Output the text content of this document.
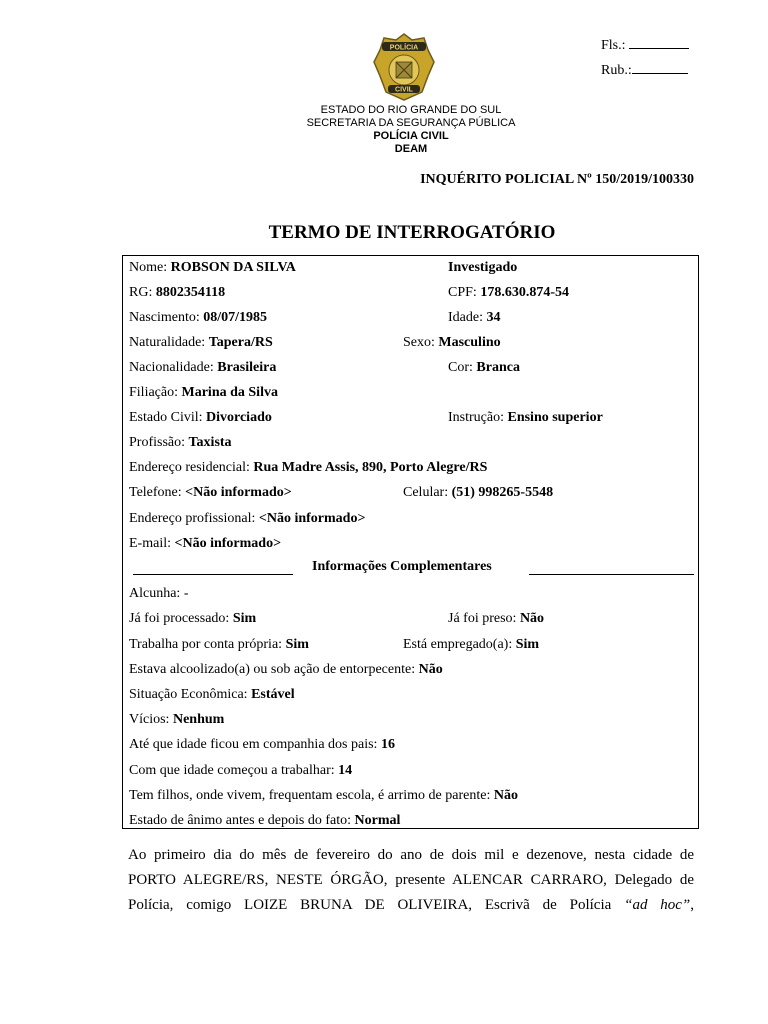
POLÍCIA
CIVIL
Fls.:
Rub.:
ESTADO DO RIO GRANDE DO SUL
SECRETARIA DA SEGURANÇA PÚBLICA
POLÍCIA CIVIL
DEAM
INQUÉRITO POLICIAL Nº 150/2019/100330
TERMO DE INTERROGATÓRIO
Nome: ROBSON DA SILVA	Investigado
RG: 8802354118	CPF: 178.630.874-54
Nascimento: 08/07/1985	Idade: 34
Naturalidade: Tapera/RS	Sexo: Masculino
Nacionalidade: Brasileira	Cor: Branca
Filiação: Marina da Silva
Estado Civil: Divorciado	Instrução: Ensino superior
Profissão: Taxista
Endereço residencial: Rua Madre Assis, 890, Porto Alegre/RS
Telefone: <Não informado>	Celular: (51) 998265-5548
Endereço profissional: <Não informado>
E-mail: <Não informado>
Informações Complementares
Alcunha: -
Já foi processado: Sim	Já foi preso: Não
Trabalha por conta própria: Sim	Está empregado(a): Sim
Estava alcoolizado(a) ou sob ação de entorpecente: Não
Situação Econômica: Estável
Vícios: Nenhum
Até que idade ficou em companhia dos pais: 16
Com que idade começou a trabalhar: 14
Tem filhos, onde vivem, frequentam escola, é arrimo de parente: Não
Estado de ânimo antes e depois do fato: Normal
Ao primeiro dia do mês de fevereiro do ano de dois mil e dezenove, nesta cidade de
PORTO ALEGRE/RS, NESTE ÓRGÃO, presente ALENCAR CARRARO, Delegado de
Polícia, comigo LOIZE BRUNA DE OLIVEIRA, Escrivã de Polícia “ad hoc”,
